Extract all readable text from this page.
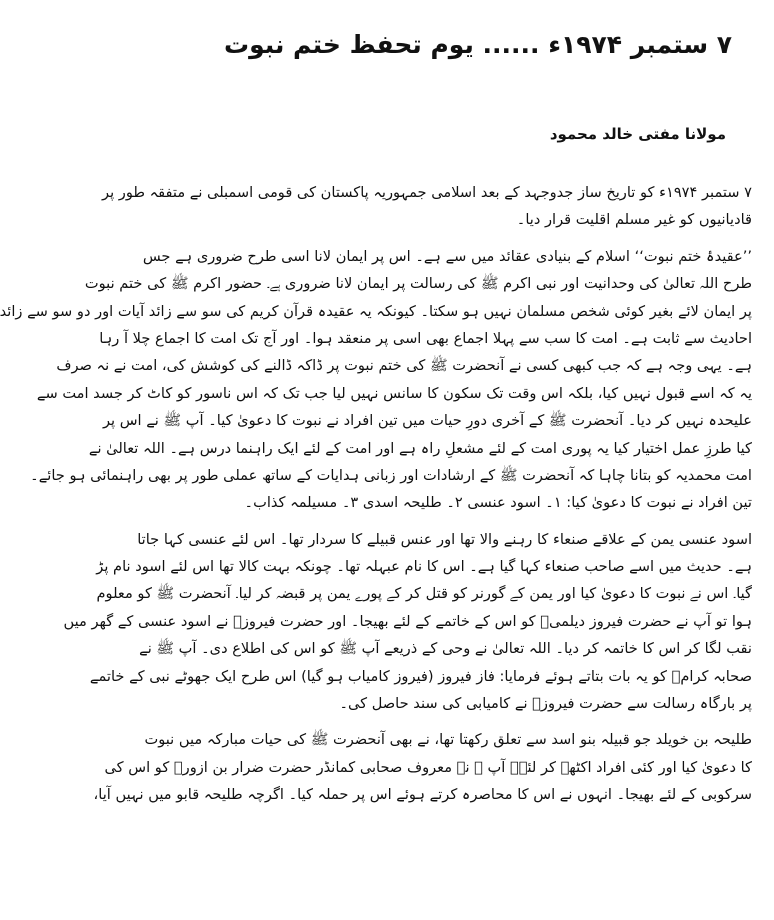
۷ ستمبر ۱۹۷۴ء ...... یوم تحفظ ختم نبوت
مولانا مفتی خالد محمود
۷ ستمبر ۱۹۷۴ء کو تاریخ ساز جدوجہد کے بعد اسلامی جمہوریہ پاکستان کی قومی اسمبلی نے متفقہ طور پر
قادیانیوں کو غیر مسلم اقلیت قرار دیا۔
’’عقیدۂ ختم نبوت‘‘ اسلام کے بنیادی عقائد میں سے ہے۔ اس پر ایمان لانا اسی طرح ضروری ہے جس
طرح اللہ تعالیٰ کی وحدانیت اور نبی اکرم ﷺ کی رسالت پر ایمان لانا ضروری ہے۔ حضور اکرم ﷺ کی ختم نبوت
پر ایمان لائے بغیر کوئی شخص مسلمان نہیں ہو سکتا۔ کیونکہ یہ عقیدہ قرآن کریم کی سو سے زائد آیات اور دو سو سے زائد
احادیث سے ثابت ہے۔ امت کا سب سے پہلا اجماع بھی اسی پر منعقد ہوا۔ اور آج تک امت کا اجماع چلا آ رہا
ہے۔ یہی وجہ ہے کہ جب کبھی کسی نے آنحضرت ﷺ کی ختم نبوت پر ڈاکہ ڈالنے کی کوشش کی، امت نے نہ صرف
یہ کہ اسے قبول نہیں کیا، بلکہ اس وقت تک سکون کا سانس نہیں لیا جب تک کہ اس ناسور کو کاٹ کر جسد امت سے
علیحدہ نہیں کر دیا۔ آنحضرت ﷺ کے آخری دورِ حیات میں تین افراد نے نبوت کا دعویٰ کیا۔ آپ ﷺ نے اس پر
کیا طرزِ عمل اختیار کیا یہ پوری امت کے لئے مشعلِ راہ ہے اور امت کے لئے ایک راہنما درس ہے۔ اللہ تعالیٰ نے
امت محمدیہ کو بتانا چاہا کہ آنحضرت ﷺ کے ارشادات اور زبانی ہدایات کے ساتھ عملی طور پر بھی راہنمائی ہو جائے۔
تین افراد نے نبوت کا دعویٰ کیا: ۱۔ اسود عنسی ۲۔ طلیحہ اسدی ۳۔ مسیلمہ کذاب۔
اسود عنسی یمن کے علاقے صنعاء کا رہنے والا تھا اور عنس قبیلے کا سردار تھا۔ اس لئے عنسی کہا جاتا
ہے۔ حدیث میں اسے صاحب صنعاء کہا گیا ہے۔ اس کا نام عبہلہ تھا۔ چونکہ بہت کالا تھا اس لئے اسود نام پڑ
گیا۔ اس نے نبوت کا دعویٰ کیا اور یمن کے گورنر کو قتل کر کے پورے یمن پر قبضہ کر لیا۔ آنحضرت ﷺ کو معلوم
ہوا تو آپ نے حضرت فیروز دیلمیؓ کو اس کے خاتمے کے لئے بھیجا۔ اور حضرت فیروزؓ نے اسود عنسی کے گھر میں
نقب لگا کر اس کا خاتمہ کر دیا۔ اللہ تعالیٰ نے وحی کے ذریعے آپ ﷺ کو اس کی اطلاع دی۔ آپ ﷺ نے
صحابہ کرامؓ کو یہ بات بتاتے ہوئے فرمایا: فاز فیروز (فیروز کامیاب ہو گیا) اس طرح ایک جھوٹے نبی کے خاتمے
پر بارگاہ رسالت سے حضرت فیروزؓ نے کامیابی کی سند حاصل کی۔
طلیحہ بن خویلد جو قبیلہ بنو اسد سے تعلق رکھتا تھا، نے بھی آنحضرت ﷺ کی حیات مبارکہ میں نبوت
کا دعویٰ کیا اور کئی افراد اکٹھے کر لئے۔ آپ ﷺ نے معروف صحابی کمانڈر حضرت ضرار بن ازورؓ کو اس کی
سرکوبی کے لئے بھیجا۔ انہوں نے اس کا محاصرہ کرتے ہوئے اس پر حملہ کیا۔ اگرچہ طلیحہ قابو میں نہیں آیا،
